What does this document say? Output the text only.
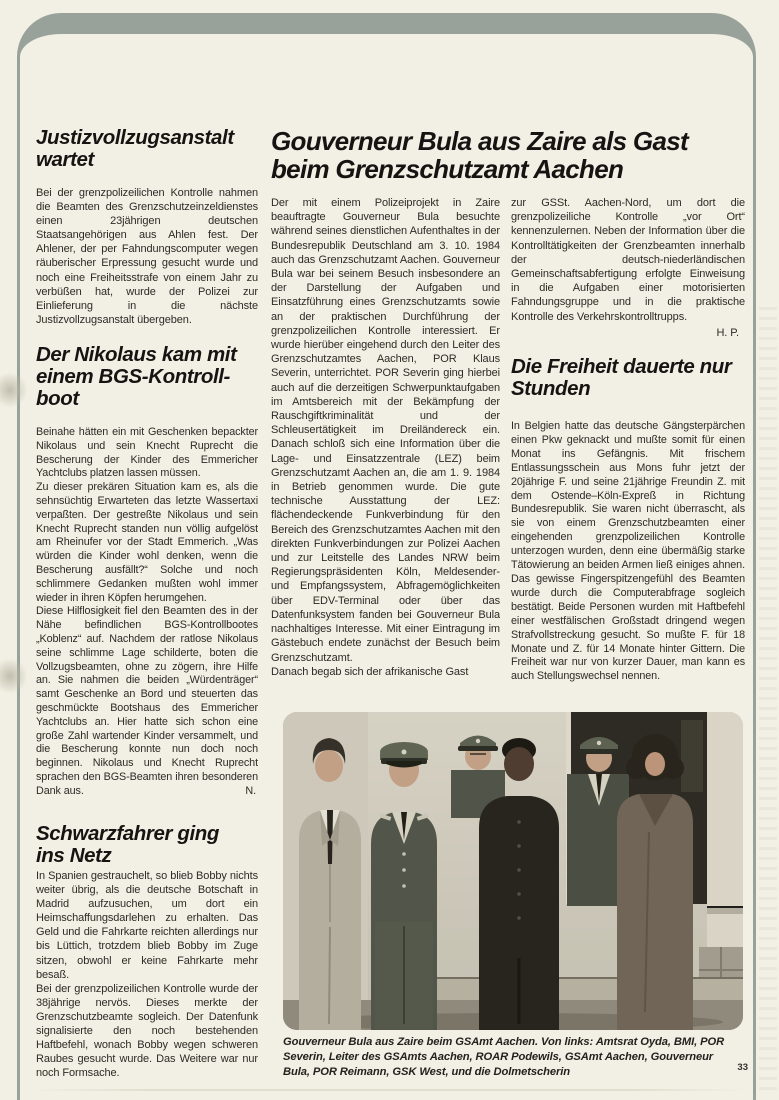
Justizvollzugsanstalt
wartet

Bei der grenzpolizeilichen Kontrolle nahmen die Beamten des Grenzschutzeinzeldienstes einen 23jährigen deutschen Staatsangehörigen aus Ahlen fest. Der Ahlener, der per Fahndungscomputer wegen räuberischer Erpressung gesucht wurde und noch eine Freiheitsstrafe von einem Jahr zu verbüßen hat, wurde der Polizei zur Einlieferung in die nächste Justizvollzugsanstalt übergeben.

Der Nikolaus kam mit
einem BGS-Kontroll-
boot

Beinahe hätten ein mit Geschenken bepackter Nikolaus und sein Knecht Ruprecht die Bescherung der Kinder des Emmericher Yachtclubs platzen lassen müssen.

Zu dieser prekären Situation kam es, als die sehnsüchtig Erwarteten das letzte Wassertaxi verpaßten. Der gestreßte Nikolaus und sein Knecht Ruprecht standen nun völlig aufgelöst am Rheinufer vor der Stadt Emmerich. „Was würden die Kinder wohl denken, wenn die Bescherung ausfällt?“ Solche und noch schlimmere Gedanken mußten wohl immer wieder in ihren Köpfen herumgehen.

Diese Hilflosigkeit fiel den Beamten des in der Nähe befindlichen BGS-Kontrollbootes „Koblenz“ auf. Nachdem der ratlose Nikolaus seine schlimme Lage schilderte, boten die Vollzugsbeamten, ohne zu zögern, ihre Hilfe an. Sie nahmen die beiden „Würdenträger“ samt Geschenke an Bord und steuerten das geschmückte Bootshaus des Emmericher Yachtclubs an. Hier hatte sich schon eine große Zahl wartender Kinder versammelt, und die Bescherung konnte nun doch noch beginnen. Nikolaus und Knecht Ruprecht sprachen den BGS-Beamten ihren besonderen Dank aus.	N.
Schwarzfahrer ging
ins Netz

In Spanien gestrauchelt, so blieb Bobby nichts weiter übrig, als die deutsche Botschaft in Madrid aufzusuchen, um dort ein Heimschaffungsdarlehen zu erhalten. Das Geld und die Fahrkarte reichten allerdings nur bis Lüttich, trotzdem blieb Bobby im Zuge sitzen, obwohl er keine Fahrkarte mehr besaß.

Bei der grenzpolizeilichen Kontrolle wurde der 38jährige nervös. Dieses merkte der Grenzschutzbeamte sogleich. Der Datenfunk signalisierte den noch bestehenden Haftbefehl, wonach Bobby wegen schweren Raubes gesucht wurde. Das Weitere war nur noch Formsache.

Gouverneur Bula aus Zaire als Gast
beim Grenzschutzamt Aachen

Der mit einem Polizeiprojekt in Zaire beauftragte Gouverneur Bula besuchte während seines dienstlichen Aufenthaltes in der Bundesrepublik Deutschland am 3. 10. 1984 auch das Grenzschutzamt Aachen. Gouverneur Bula war bei seinem Besuch insbesondere an der Darstellung der Aufgaben und Einsatzführung eines Grenzschutzamts sowie an der praktischen Durchführung der grenzpolizeilichen Kontrolle interessiert. Er wurde hierüber eingehend durch den Leiter des Grenzschutzamtes Aachen, POR Klaus Severin, unterrichtet. POR Severin ging hierbei auch auf die derzeitigen Schwerpunktaufgaben im Amtsbereich mit der Bekämpfung der Rauschgiftkriminalität und der Schleusertätigkeit im Dreiländereck ein. Danach schloß sich eine Information über die Lage- und Einsatzzentrale (LEZ) beim Grenzschutzamt Aachen an, die am 1. 9. 1984 in Betrieb genommen wurde. Die gute technische Ausstattung der LEZ: flächendeckende Funkverbindung für den Bereich des Grenzschutzamtes Aachen mit den direkten Funkverbindungen zur Polizei Aachen und zur Leitstelle des Landes NRW beim Regierungspräsidenten Köln, Meldesender- und Empfangssystem, Abfragemöglichkeiten über EDV-Terminal oder über das Datenfunksystem fanden bei Gouverneur Bula nachhaltiges Interesse. Mit einer Eintragung im Gästebuch endete zunächst der Besuch beim Grenzschutzamt.

Danach begab sich der afrikanische Gast

zur GSSt. Aachen-Nord, um dort die grenzpolizeiliche Kontrolle „vor Ort“ kennenzulernen. Neben der Information über die Kontrolltätigkeiten der Grenzbeamten innerhalb der deutsch-niederländischen Gemeinschaftsabfertigung erfolgte Einweisung in die Aufgaben einer motorisierten Fahndungsgruppe und in die praktische Kontrolle des Verkehrskontrolltrupps.

H. P.
Die Freiheit dauerte nur
Stunden

In Belgien hatte das deutsche Gängsterpärchen einen Pkw geknackt und mußte somit für einen Monat ins Gefängnis. Mit frischem Entlassungsschein aus Mons fuhr jetzt der 20jährige F. und seine 21jährige Freundin Z. mit dem Ostende–Köln-Expreß in Richtung Bundesrepublik. Sie waren nicht überrascht, als sie von einem Grenzschutzbeamten einer eingehenden grenzpolizeilichen Kontrolle unterzogen wurden, denn eine übermäßig starke Tätowierung an beiden Armen ließ einiges ahnen. Das gewisse Fingerspitzengefühl des Beamten wurde durch die Computerabfrage sogleich bestätigt. Beide Personen wurden mit Haftbefehl einer westfälischen Großstadt dringend wegen Strafvollstreckung gesucht. So mußte F. für 18 Monate und Z. für 14 Monate hinter Gittern. Die Freiheit war nur von kurzer Dauer, man kann es auch Stellungswechsel nennen.

Gouverneur Bula aus Zaire beim GSAmt Aachen. Von links: Amtsrat Oyda, BMI, POR Severin, Leiter des GSAmts Aachen, ROAR Podewils, GSAmt Aachen, Gouverneur Bula, POR Reimann, GSK West, und die Dolmetscherin	33
